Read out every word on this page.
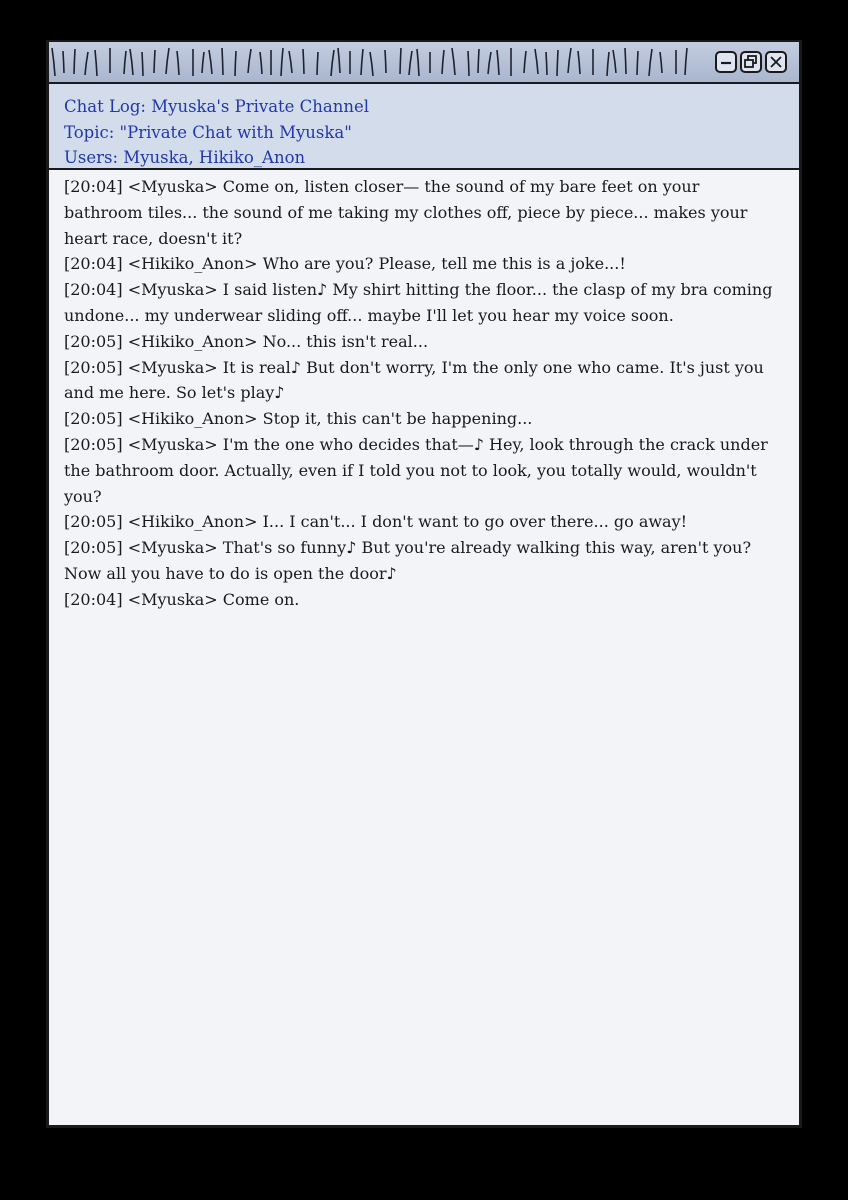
Chat Log: Myuska's Private Channel
Topic: "Private Chat with Myuska"
Users: Myuska, Hikiko_Anon

[20:04] <Myuska> Come on, listen closer— the sound of my bare feet on your bathroom tiles... the sound of me taking my clothes off, piece by piece... makes your heart race, doesn't it?

[20:04] <Hikiko_Anon> Who are you? Please, tell me this is a joke...!

[20:04] <Myuska> I said listen♪ My shirt hitting the floor... the clasp of my bra coming undone... my underwear sliding off... maybe I'll let you hear my voice soon.

[20:05] <Hikiko_Anon> No... this isn't real...

[20:05] <Myuska> It is real♪ But don't worry, I'm the only one who came. It's just you and me here. So let's play♪

[20:05] <Hikiko_Anon> Stop it, this can't be happening...

[20:05] <Myuska> I'm the one who decides that—♪ Hey, look through the crack under the bathroom door. Actually, even if I told you not to look, you totally would, wouldn't you?

[20:05] <Hikiko_Anon> I... I can't... I don't want to go over there... go away!

[20:05] <Myuska> That's so funny♪ But you're already walking this way, aren't you? Now all you have to do is open the door♪

[20:04] <Myuska> Come on.
